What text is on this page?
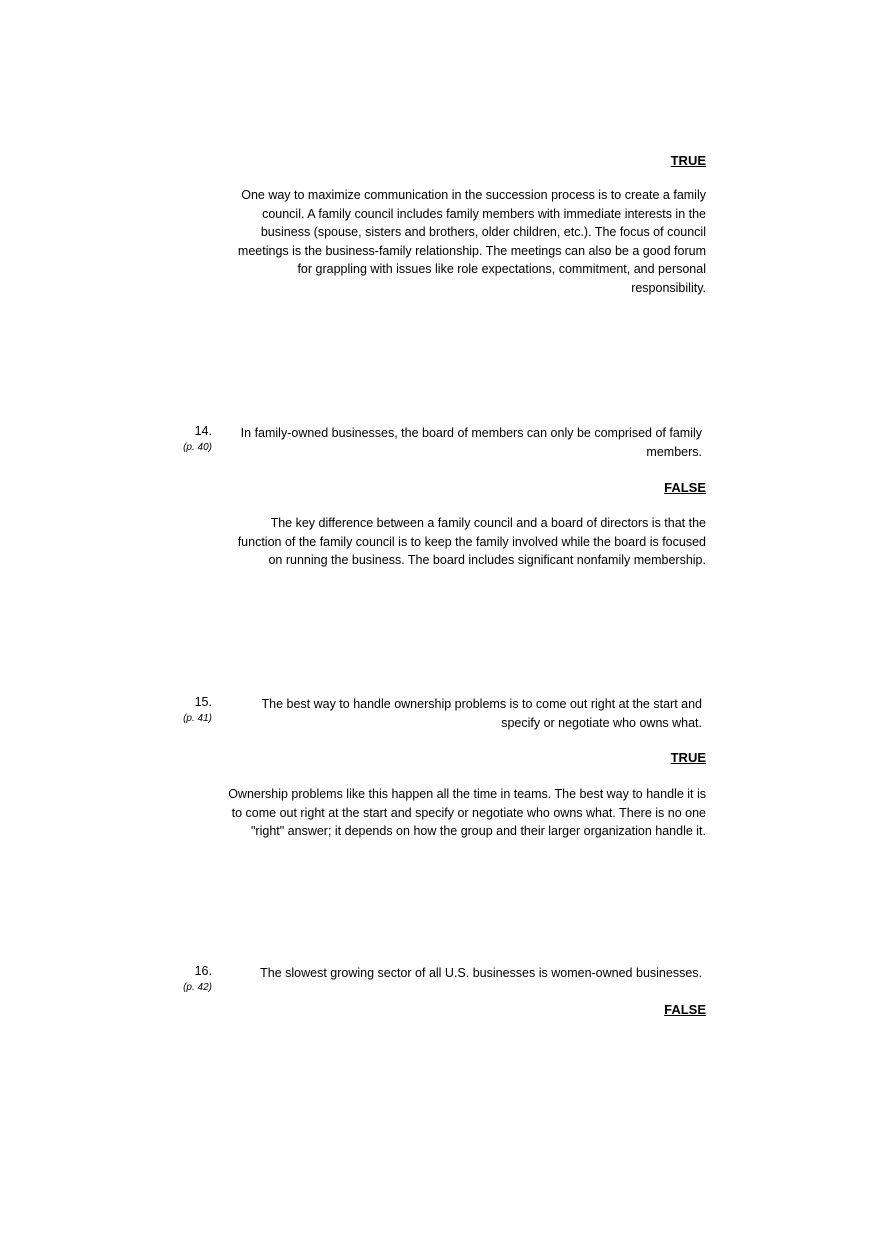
TRUE
One way to maximize communication in the succession process is to create a family
council. A family council includes family members with immediate interests in the
business (spouse, sisters and brothers, older children, etc.). The focus of council
meetings is the business-family relationship. The meetings can also be a good forum
for grappling with issues like role expectations, commitment, and personal
responsibility.
14.
(p. 40)
In family-owned businesses, the board of members can only be comprised of family
members.
FALSE
The key difference between a family council and a board of directors is that the
function of the family council is to keep the family involved while the board is focused
on running the business. The board includes significant nonfamily membership.
15.
(p. 41)
The best way to handle ownership problems is to come out right at the start and
specify or negotiate who owns what.
TRUE
Ownership problems like this happen all the time in teams. The best way to handle it is
to come out right at the start and specify or negotiate who owns what. There is no one
"right" answer; it depends on how the group and their larger organization handle it.
16.
(p. 42)
The slowest growing sector of all U.S. businesses is women-owned businesses.
FALSE
